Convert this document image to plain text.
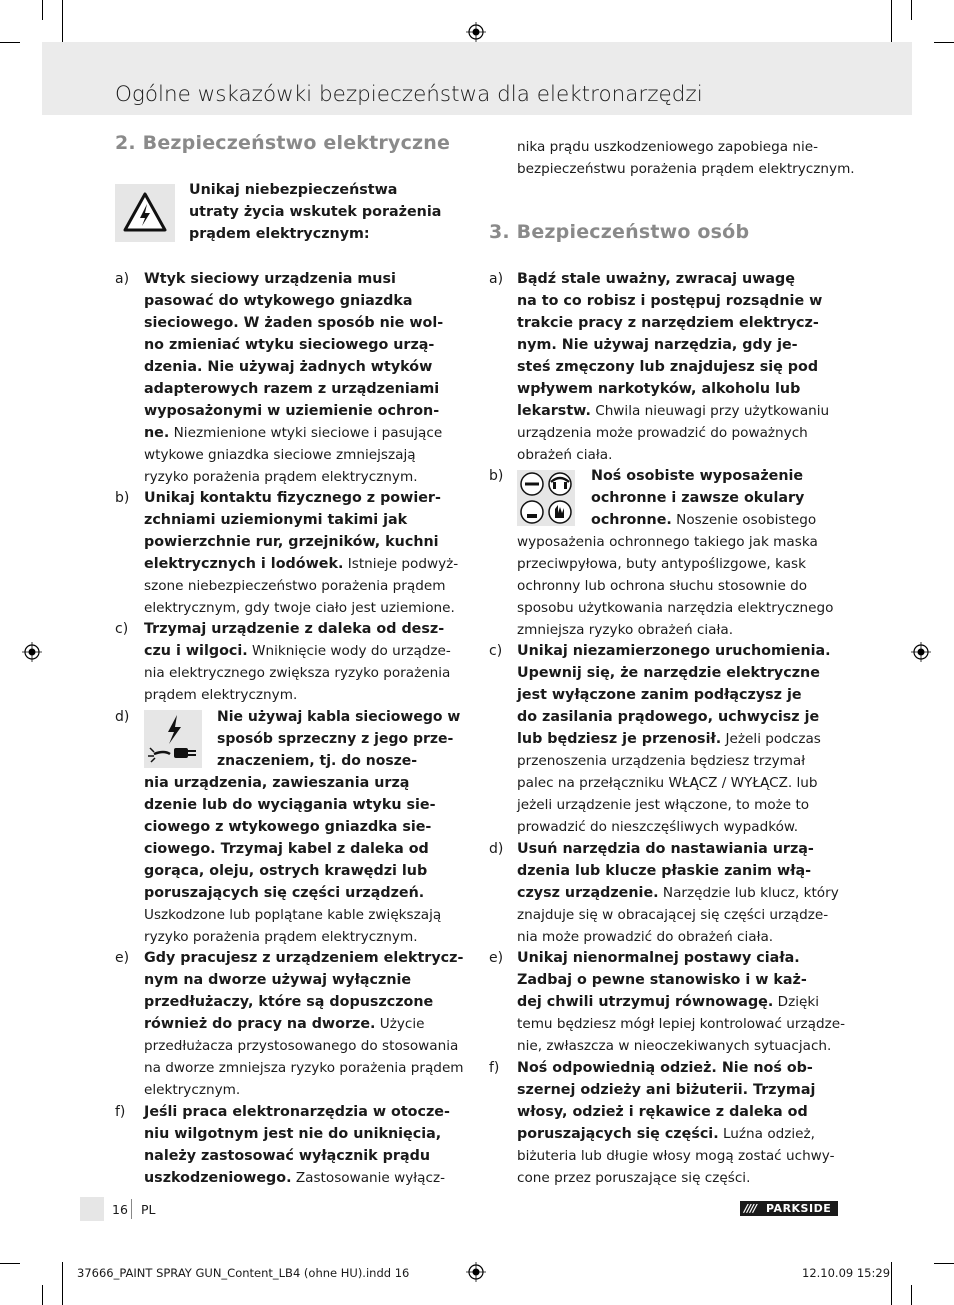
Ogólne wskazówki bezpieczeństwa dla elektronarzędzi
2. Bezpieczeństwo elektryczne
Unikaj niebezpieczeństwa
utraty życia wskutek porażenia
prądem elektrycznym:
a) Wtyk sieciowy urządzenia musi
pasować do wtykowego gniazdka
sieciowego. W żaden sposób nie wol-
no zmieniać wtyku sieciowego urzą-
dzenia. Nie używaj żadnych wtyków
adapterowych razem z urządzeniami
wyposażonymi w uziemienie ochron-
ne. Niezmienione wtyki sieciowe i pasujące
wtykowe gniazdka sieciowe zmniejszają
ryzyko porażenia prądem elektrycznym.
b) Unikaj kontaktu fizycznego z powier-
zchniami uziemionymi takimi jak
powierzchnie rur, grzejników, kuchni
elektrycznych i lodówek. Istnieje podwyż-
szone niebezpieczeństwo porażenia prądem
elektrycznym, gdy twoje ciało jest uziemione.
c) Trzymaj urządzenie z daleka od desz-
czu i wilgoci. Wniknięcie wody do urządze-
nia elektrycznego zwiększa ryzyko porażenia
prądem elektrycznym.
d)	Nie używaj kabla sieciowego w
sposób sprzeczny z jego prze-
znaczeniem, tj. do nosze-
nia urządzenia, zawieszania urzą
dzenie lub do wyciągania wtyku sie-
ciowego z wtykowego gniazdka sie-
ciowego. Trzymaj kabel z daleka od
gorąca, oleju, ostrych krawędzi lub
poruszających się części urządzeń.
Uszkodzone lub poplątane kable zwiększają
ryzyko porażenia prądem elektrycznym.
e) Gdy pracujesz z urządzeniem elektrycz-
nym na dworze używaj wyłącznie
przedłużaczy, które są dopuszczone
również do pracy na dworze. Użycie
przedłużacza przystosowanego do stosowania
na dworze zmniejsza ryzyko porażenia prądem
elektrycznym.
f) Jeśli praca elektronarzędzia w otocze-
niu wilgotnym jest nie do uniknięcia,
należy zastosować wyłącznik prądu
uszkodzeniowego. Zastosowanie wyłącz-
nika prądu uszkodzeniowego zapobiega nie-
bezpieczeństwu porażenia prądem elektrycznym.
3. Bezpieczeństwo osób
a) Bądź stale uważny, zwracaj uwagę
na to co robisz i postępuj rozsądnie w
trakcie pracy z narzędziem elektrycz-
nym. Nie używaj narzędzia, gdy je-
steś zmęczony lub znajdujesz się pod
wpływem narkotyków, alkoholu lub
lekarstw. Chwila nieuwagi przy użytkowaniu
urządzenia może prowadzić do poważnych
obrażeń ciała.
b)	Noś osobiste wyposażenie
ochronne i zawsze okulary
ochronne. Noszenie osobistego
wyposażenia ochronnego takiego jak maska
przeciwpyłowa, buty antypoślizgowe, kask
ochronny lub ochrona słuchu stosownie do
sposobu użytkowania narzędzia elektrycznego
zmniejsza ryzyko obrażeń ciała.
c) Unikaj niezamierzonego uruchomienia.
Upewnij się, że narzędzie elektryczne
jest wyłączone zanim podłączysz je
do zasilania prądowego, uchwycisz je
lub będziesz je przenosił. Jeżeli podczas
przenoszenia urządzenia będziesz trzymał
palec na przełączniku WŁĄCZ / WYŁĄCZ. lub
jeżeli urządzenie jest włączone, to może to
prowadzić do nieszczęśliwych wypadków.
d) Usuń narzędzia do nastawiania urzą-
dzenia lub klucze płaskie zanim włą-
czysz urządzenie. Narzędzie lub klucz, który
znajduje się w obracającej się części urządze-
nia może prowadzić do obrażeń ciała.
e) Unikaj nienormalnej postawy ciała.
Zadbaj o pewne stanowisko i w każ-
dej chwili utrzymuj równowagę. Dzięki
temu będziesz mógł lepiej kontrolować urządze-
nie, zwłaszcza w nieoczekiwanych sytuacjach.
f) Noś odpowiednią odzież. Nie noś ob-
szernej odzieży ani biżuterii. Trzymaj
włosy, odzież i rękawice z daleka od
poruszających się części. Luźna odzież,
biżuteria lub długie włosy mogą zostać uchwy-
cone przez poruszające się części.
16 PL	//// PARKSIDE
37666_PAINT SPRAY GUN_Content_LB4 (ohne HU).indd 16	12.10.09 15:29
